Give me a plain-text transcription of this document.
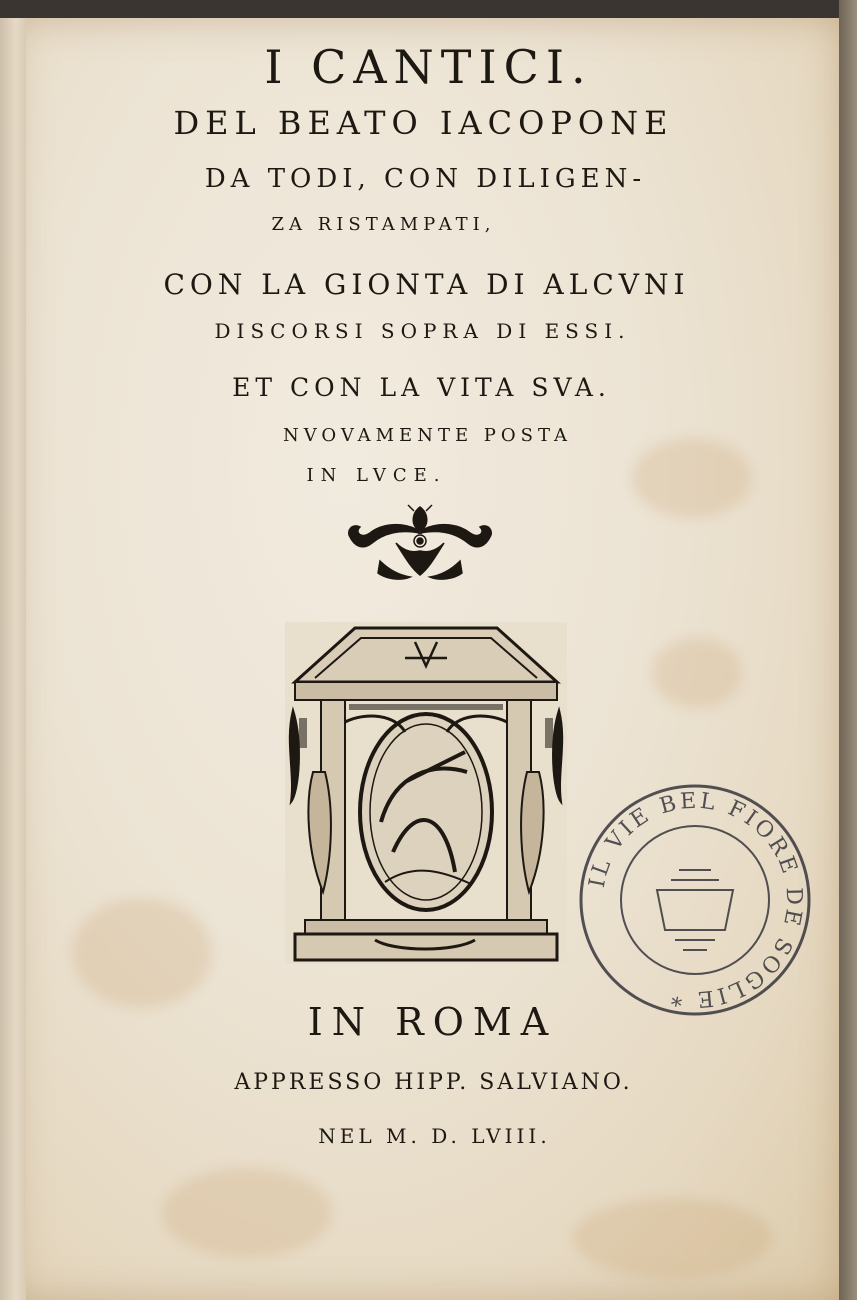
I CANTICI.
DEL BEATO IACOPONE
DA TODI, CON DILIGEN-
ZA RISTAMPATI,
CON LA GIONTA DI ALCVNI
DISCORSI SOPRA DI ESSI.
ET CON LA VITA SVA.
NVOVAMENTE POSTA
IN LVCE.
IN ROMA
APPRESSO HIPP. SALVIANO.
NEL M. D. LVIII.
IL VIE BEL FIORE DE SOGLIE *
